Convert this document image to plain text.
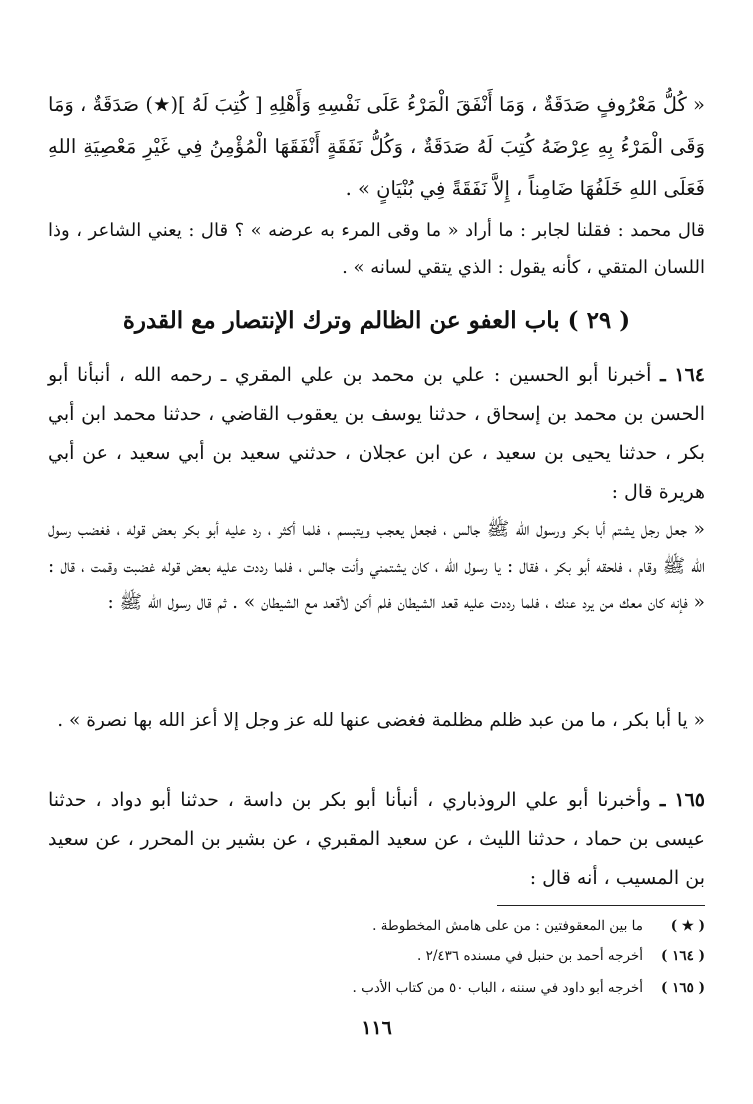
« كُلُّ مَعْرُوفٍ صَدَقَةٌ ، وَمَا أَنْفَقَ الْمَرْءُ عَلَى نَفْسِهِ وَأَهْلِهِ [ كُتِبَ لَهُ ](★) صَدَقَةٌ ، وَمَا وَقَى الْمَرْءُ بِهِ عِرْضَهُ كُتِبَ لَهُ صَدَقَةٌ ، وَكُلُّ نَفَقَةٍ أَنْفَقَهَا الْمُؤْمِنُ فِي غَيْرِ مَعْصِيَةِ اللهِ فَعَلَى اللهِ خَلَفُهَا ضَامِناً ، إِلاَّ نَفَقَةً فِي بُنْيَانٍ » .

قال محمد : فقلنا لجابر : ما أراد « ما وقى المرء به عرضه » ؟ قال : يعني الشاعر ، وذا اللسان المتقي ، كأنه يقول : الذي يتقي لسانه » .

( ٢٩ ) باب العفو عن الظالم وترك الإنتصار مع القدرة

١٦٤ ـ أخبرنا أبو الحسين : علي بن محمد بن علي المقري ـ رحمه الله ، أنبأنا أبو الحسن بن محمد بن إسحاق ، حدثنا يوسف بن يعقوب القاضي ، حدثنا محمد ابن أبي بكر ، حدثنا يحيى بن سعيد ، عن ابن عجلان ، حدثني سعيد بن أبي سعيد ، عن أبي هريرة قال :

« جعل رجل يشتم أبا بكر ورسول الله ﷺ جالس ، فجعل يعجب ويتبسم ، فلما أكثر ، رد عليه أبو بكر بعض قوله ، فغضب رسول الله ﷺ وقام ، فلحقه أبو بكر ، فقال : يا رسول الله ، كان يشتمني وأنت جالس ، فلما رددت عليه بعض قوله غضبت وقمت ، قال : « فإنه كان معك من يرد عنك ، فلما رددت عليه قعد الشيطان فلم أكن لأقعد مع الشيطان » . ثم قال رسول الله ﷺ :

« يا أبا بكر ، ما من عبد ظلم مظلمة فغضى عنها لله عز وجل إلا أعز الله بها نصرة » .

١٦٥ ـ وأخبرنا أبو علي الروذباري ، أنبأنا أبو بكر بن داسة ، حدثنا أبو دواد ، حدثنا عيسى بن حماد ، حدثنا الليث ، عن سعيد المقبري ، عن بشير بن المحرر ، عن سعيد بن المسيب ، أنه قال :

( ★ )
ما بين المعقوفتين : من على هامش المخطوطة .
( ١٦٤ )
أخرجه أحمد بن حنبل في مسنده ٢/٤٣٦ .
( ١٦٥ )
أخرجه أبو داود في سننه ، الباب ٥٠ من كتاب الأدب .
١١٦
